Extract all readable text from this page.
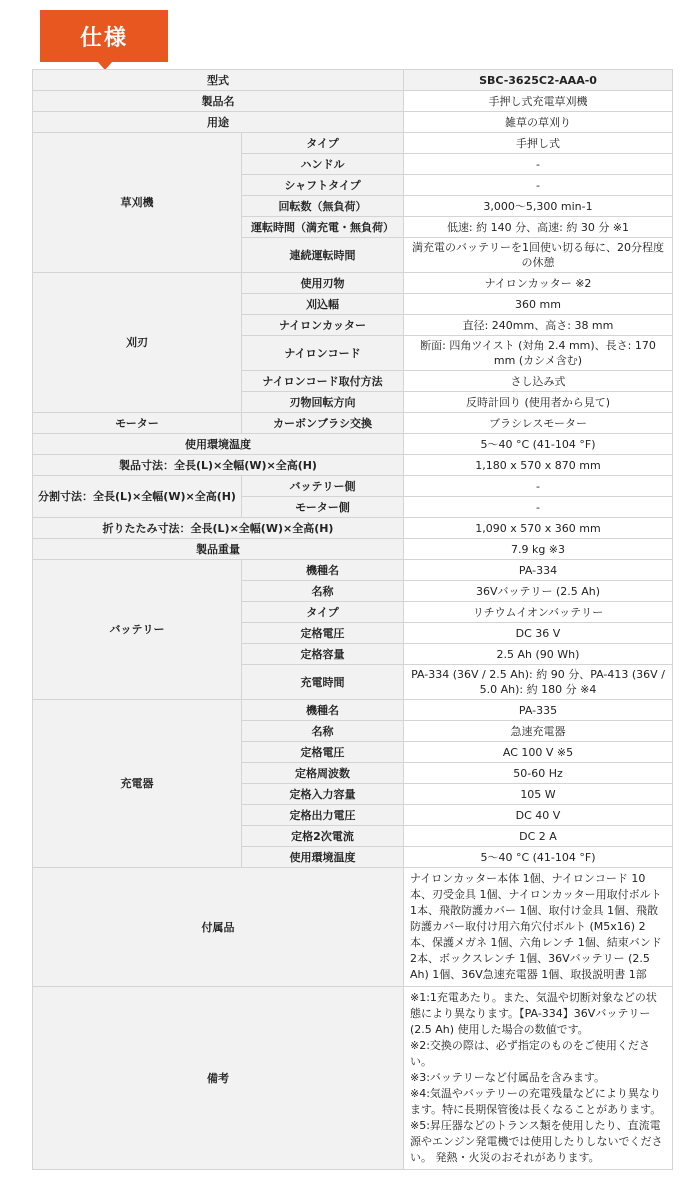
仕様
型式		SBC-3625C2-AAA-0
製品名		手押し式充電草刈機
用途		雑草の草刈り
草刈機	タイプ	手押し式
	ハンドル	-
	シャフトタイプ	-
	回転数（無負荷）	3,000〜5,300 min-1
	運転時間（満充電・無負荷）	低速: 約 140 分、高速: 約 30 分 ※1
	連続運転時間	満充電のバッテリーを1回使い切る毎に、20分程度の休憩
刈刃	使用刃物	ナイロンカッター ※2
	刈込幅	360 mm
	ナイロンカッター	直径: 240mm、高さ: 38 mm
	ナイロンコード	断面: 四角ツイスト (対角 2.4 mm)、長さ: 170 mm (カシメ含む)
	ナイロンコード取付方法	さし込み式
	刃物回転方向	反時計回り (使用者から見て)
モーター	カーボンブラシ交換	ブラシレスモーター
使用環境温度		5〜40 °C (41-104 °F)
製品寸法：全長(L)×全幅(W)×全高(H)		1,180 x 570 x 870 mm
分割寸法：全長(L)×全幅(W)×全高(H)	バッテリー側	-
	モーター側	-
折りたたみ寸法：全長(L)×全幅(W)×全高(H)		1,090 x 570 x 360 mm
製品重量		7.9 kg ※3
バッテリー	機種名	PA-334
	名称	36Vバッテリー (2.5 Ah)
	タイプ	リチウムイオンバッテリー
	定格電圧	DC 36 V
	定格容量	2.5 Ah (90 Wh)
	充電時間	PA-334 (36V / 2.5 Ah): 約 90 分、PA-413 (36V / 5.0 Ah): 約 180 分 ※4
充電器	機種名	PA-335
	名称	急速充電器
	定格電圧	AC 100 V ※5
	定格周波数	50-60 Hz
	定格入力容量	105 W
	定格出力電圧	DC 40 V
	定格2次電流	DC 2 A
	使用環境温度	5〜40 °C (41-104 °F)
付属品		ナイロンカッター本体 1個、ナイロンコード 10本、刃受金具 1個、ナイロンカッター用取付ボルト 1本、飛散防護カバー 1個、取付け金具 1個、飛散防護カバー取付け用六角穴付ボルト (M5x16) 2本、保護メガネ 1個、六角レンチ 1個、結束バンド 2本、ボックスレンチ 1個、36Vバッテリー (2.5 Ah) 1個、36V急速充電器 1個、取扱説明書 1部
備考		※1:1充電あたり。また、気温や切断対象などの状態により異なります。【PA-334】36Vバッテリー (2.5 Ah) 使用した場合の数値です。
※2:交換の際は、必ず指定のものをご使用ください。
※3:バッテリーなど付属品を含みます。
※4:気温やバッテリーの充電残量などにより異なります。特に長期保管後は長くなることがあります。
※5:昇圧器などのトランス類を使用したり、直流電源やエンジン発電機では使用したりしないでください。 発熱・火災のおそれがあります。
